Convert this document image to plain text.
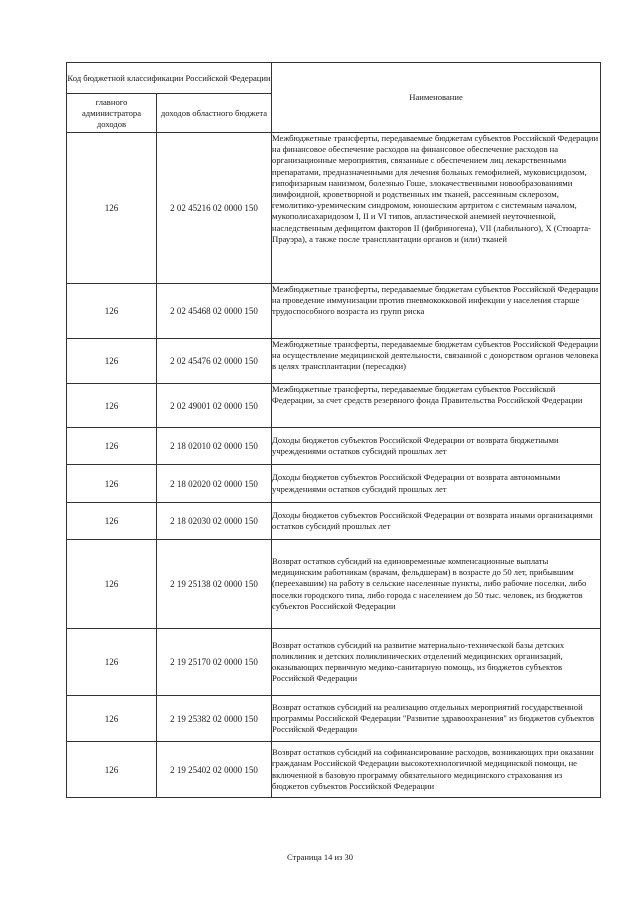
Код бюджетной классификации Российской Федерации		Наименование
главного администратора доходов	доходов областного бюджета	
126	2 02 45216 02 0000 150	Межбюджетные трансферты, передаваемые бюджетам субъектов Российской Федерации на финансовое обеспечение расходов на финансовое обеспечение расходов на организационные мероприятия, связанные с обеспечением лиц лекарственными препаратами, предназначенными для лечения больных гемофилией, муковисцидозом, гипофизарным нанизмом, болезнью Гоше, злокачественными новообразованиями лимфоидной, кроветворной и родственных им тканей, рассеянным склерозом, гемолитико-уремическим синдромом, юношеским артритом с системным началом, мукополисахаридозом I, II и VI типов, апластической анемией неуточненной, наследственным дефицитом факторов II (фибриногена), VII (лабильного), X (Стюарта-Прауэра), а также после трансплантации органов и (или) тканей
126	2 02 45468 02 0000 150	Межбюджетные трансферты, передаваемые бюджетам субъектов Российской Федерации на проведение иммунизации против пневмококковой инфекции у населения старше трудоспособного возраста из групп риска
126	2 02 45476 02 0000 150	Межбюджетные трансферты, передаваемые бюджетам субъектов Российской Федерации на осуществление медицинской деятельности, связанной с донорством органов человека в целях трансплантации (пересадки)
126	2 02 49001 02 0000 150	Межбюджетные трансферты, передаваемые бюджетам субъектов Российской Федерации, за счет средств резервного фонда Правительства Российской Федерации
126	2 18 02010 02 0000 150	Доходы бюджетов субъектов Российской Федерации от возврата бюджетными учреждениями остатков субсидий прошлых лет
126	2 18 02020 02 0000 150	Доходы бюджетов субъектов Российской Федерации от возврата автономными учреждениями остатков субсидий прошлых лет
126	2 18 02030 02 0000 150	Доходы бюджетов субъектов Российской Федерации от возврата иными организациями остатков субсидий прошлых лет
126	2 19 25138 02 0000 150	Возврат остатков субсидий на единовременные компенсационные выплаты медицинским работникам (врачам, фельдшерам) в возрасте до 50 лет, прибывшим (переехавшим) на работу в сельские населенные пункты, либо рабочие поселки, либо поселки городского типа, либо города с населением до 50 тыс. человек, из бюджетов субъектов Российской Федерации
126	2 19 25170 02 0000 150	Возврат остатков субсидий на развитие материально-технической базы детских поликлиник и детских поликлинических отделений медицинских организаций, оказывающих первичную медико-санитарную помощь, из бюджетов субъектов Российской Федерации
126	2 19 25382 02 0000 150	Возврат остатков субсидий на реализацию отдельных мероприятий государственной программы Российской Федерации "Развитие здравоохранения" из бюджетов субъектов Российской Федерации
126	2 19 25402 02 0000 150	Возврат остатков субсидий на софинансирование расходов, возникающих при оказании гражданам Российской Федерации высокотехнологичной медицинской помощи, не включенной в базовую программу обязательного медицинского страхования из бюджетов субъектов Российской Федерации
Страница 14 из 30
